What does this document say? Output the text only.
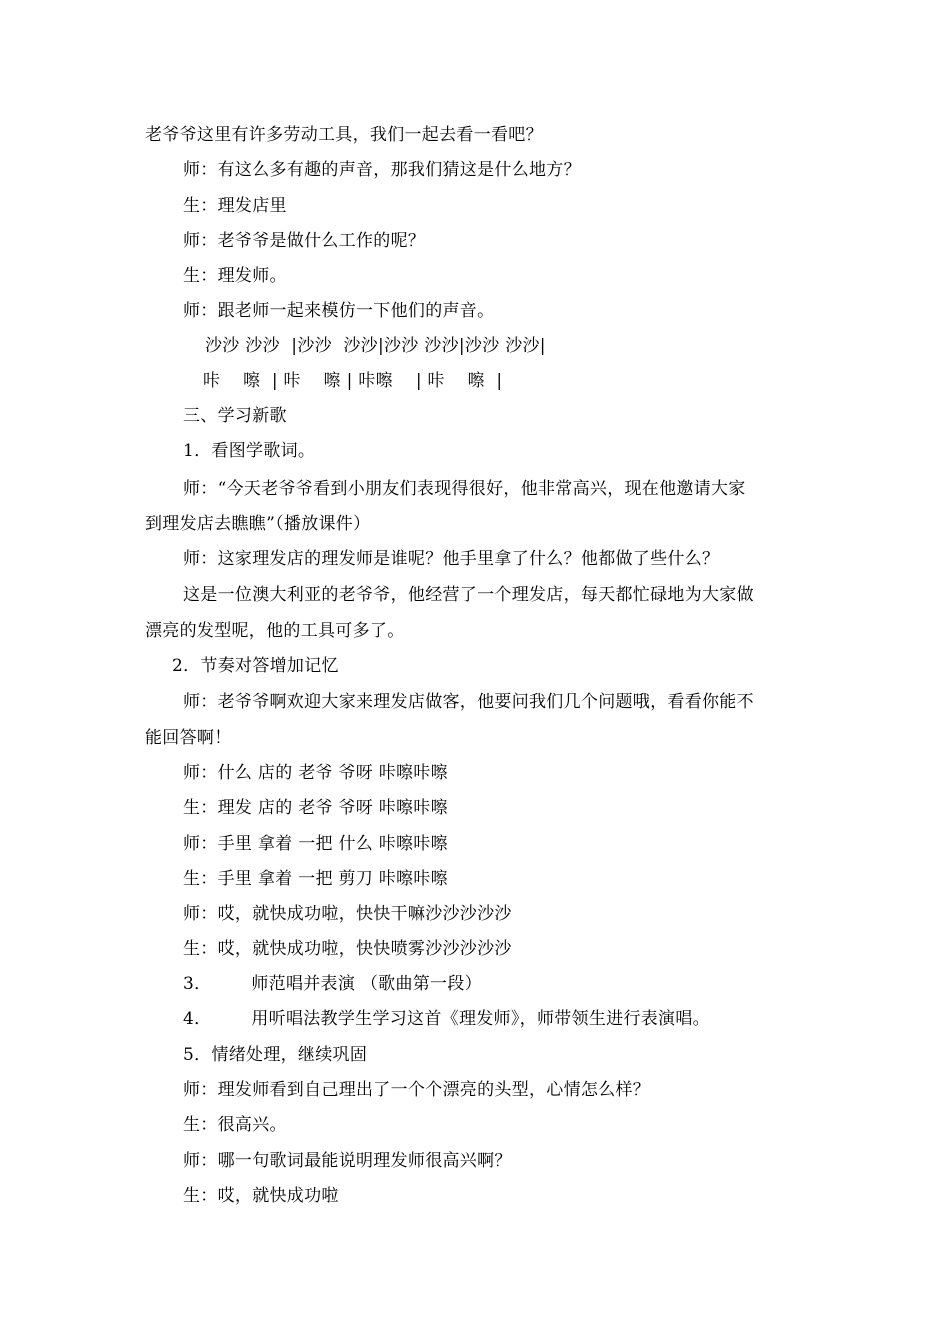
老爷爷这里有许多劳动工具，我们一起去看一看吧？
师：有这么多有趣的声音，那我们猜这是什么地方？
生：理发店里
师：老爷爷是做什么工作的呢？
生：理发师。
师：跟老师一起来模仿一下他们的声音。
沙沙 沙沙  |沙沙  沙沙|沙沙 沙沙|沙沙 沙沙|
咔    嚓  | 咔    嚓 | 咔嚓    | 咔    嚓  |
三、学习新歌
1．看图学歌词。
师：“今天老爷爷看到小朋友们表现得很好，他非常高兴，现在他邀请大家
到理发店去瞧瞧”（播放课件）
师：这家理发店的理发师是谁呢？他手里拿了什么？他都做了些什么？
这是一位澳大利亚的老爷爷，他经营了一个理发店，每天都忙碌地为大家做
漂亮的发型呢，他的工具可多了。
2．节奏对答增加记忆
师：老爷爷啊欢迎大家来理发店做客，他要问我们几个问题哦，看看你能不
能回答啊！
师：什么 店的 老爷 爷呀 咔嚓咔嚓
生：理发 店的 老爷 爷呀 咔嚓咔嚓
师：手里 拿着 一把 什么 咔嚓咔嚓
生：手里 拿着 一把 剪刀 咔嚓咔嚓
师：哎，就快成功啦，快快干嘛沙沙沙沙沙
生：哎，就快成功啦，快快喷雾沙沙沙沙沙
3．       师范唱并表演 （歌曲第一段）
4．       用听唱法教学生学习这首《理发师》，师带领生进行表演唱。
5．情绪处理，继续巩固
师：理发师看到自己理出了一个个漂亮的头型，心情怎么样？
生：很高兴。
师：哪一句歌词最能说明理发师很高兴啊？
生：哎，就快成功啦
